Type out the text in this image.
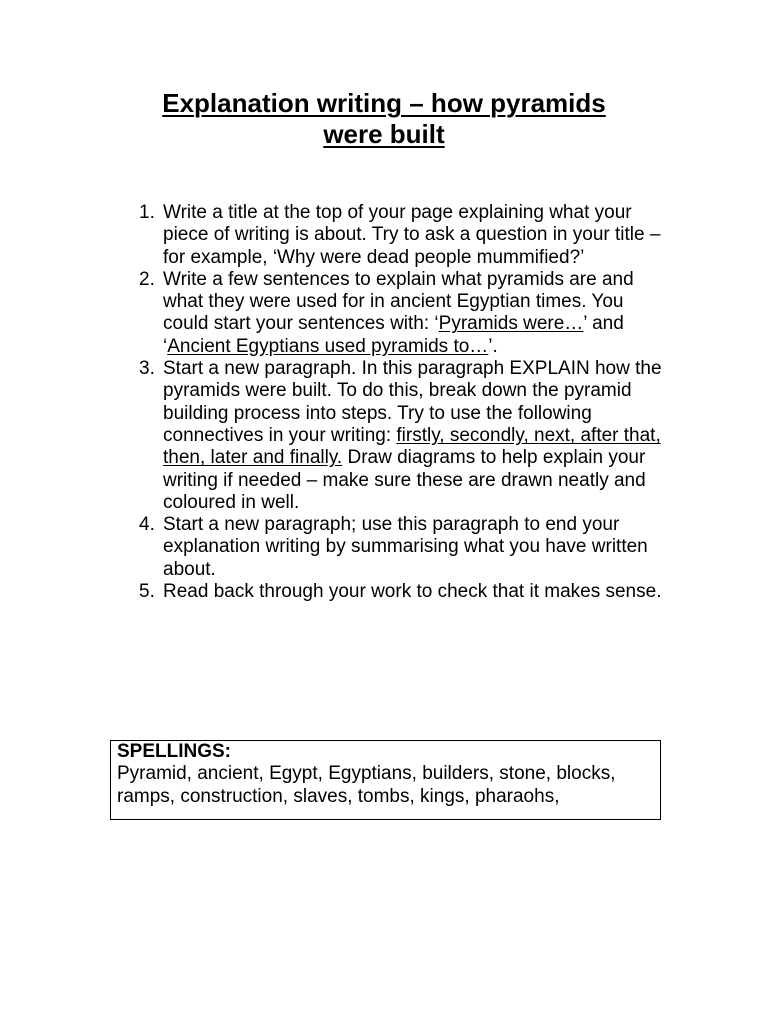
Explanation writing – how pyramids
were built
1. Write a title at the top of your page explaining what your piece of writing is about. Try to ask a question in your title – for example, ‘Why were dead people mummified?’
2. Write a few sentences to explain what pyramids are and what they were used for in ancient Egyptian times. You could start your sentences with: ‘Pyramids were…’ and ‘Ancient Egyptians used pyramids to…’.
3. Start a new paragraph. In this paragraph EXPLAIN how the pyramids were built. To do this, break down the pyramid building process into steps. Try to use the following connectives in your writing: firstly, secondly, next, after that, then, later and finally. Draw diagrams to help explain your writing if needed – make sure these are drawn neatly and coloured in well.
4. Start a new paragraph; use this paragraph to end your explanation writing by summarising what you have written about.
5. Read back through your work to check that it makes sense.
SPELLINGS:
Pyramid, ancient, Egypt, Egyptians, builders, stone, blocks, ramps, construction, slaves, tombs, kings, pharaohs,
